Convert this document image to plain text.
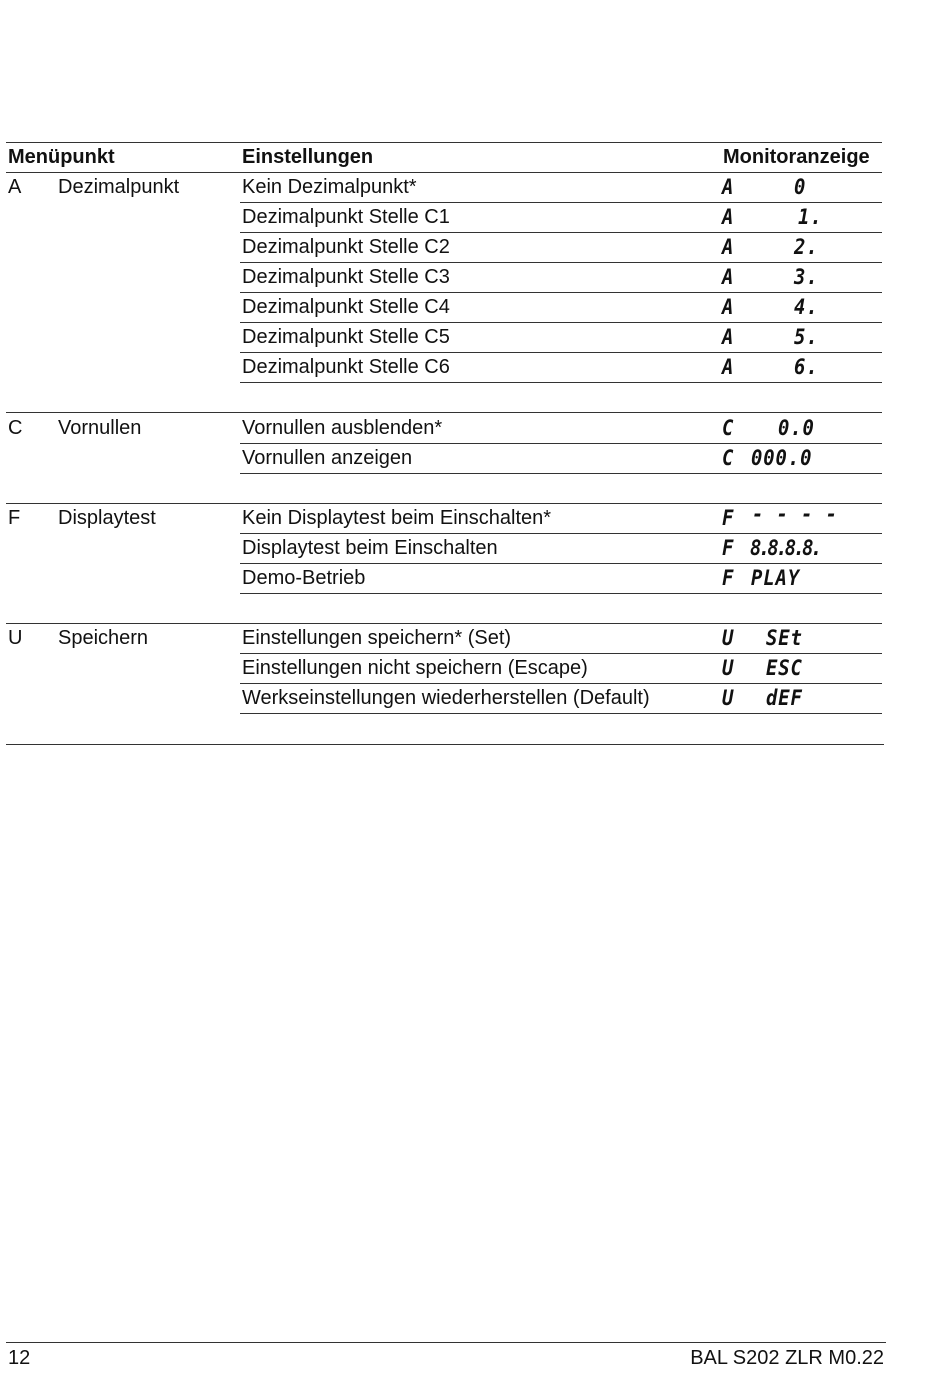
Menüpunkt	Einstellungen	Monitoranzeige
A Dezimalpunkt	Kein Dezimalpunkt*	A	0
Dezimalpunkt Stelle C1	A	1.
Dezimalpunkt Stelle C2	A	2.
Dezimalpunkt Stelle C3	A	3.
Dezimalpunkt Stelle C4	A	4.
Dezimalpunkt Stelle C5	A	5.
Dezimalpunkt Stelle C6	A	6.
C Vornullen	Vornullen ausblenden*	C 0.0
Vornullen anzeigen	C 000.0
F Displaytest	Kein Displaytest beim Einschalten*	F - - - -
Displaytest beim Einschalten	F 8.8.8.8.
Demo-Betrieb	F PLAY
U Speichern	Einstellungen speichern* (Set)	U SEt
Einstellungen nicht speichern (Escape)	U ESC
Werkseinstellungen wiederherstellen (Default)	U dEF
12	BAL S202 ZLR M0.22
